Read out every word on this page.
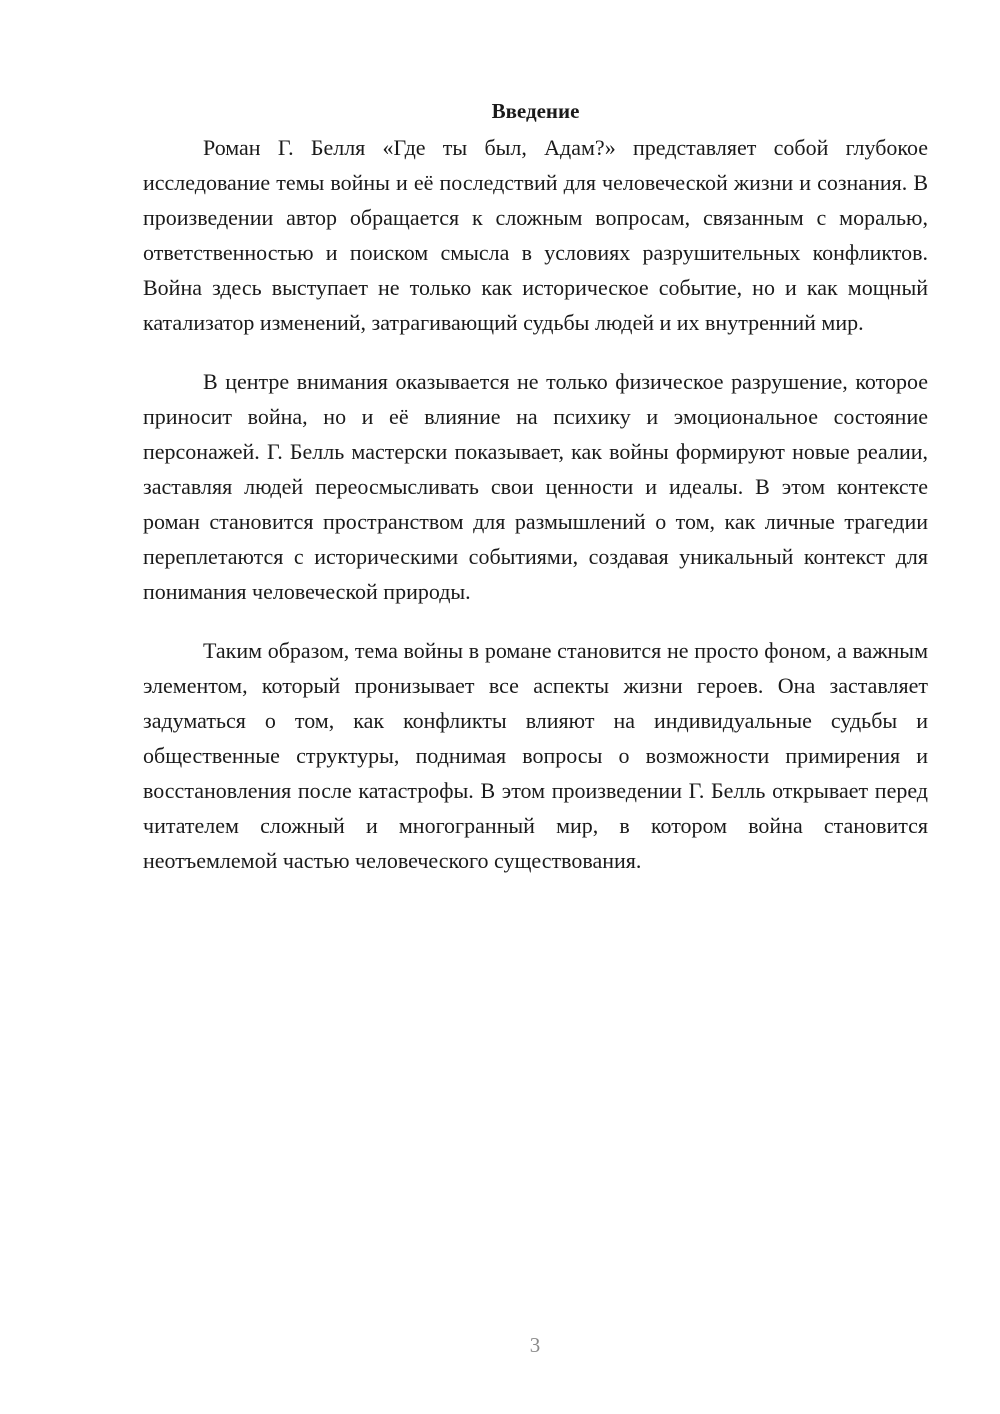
Введение

Роман Г. Белля «Где ты был, Адам?» представляет собой глубокое исследование темы войны и её последствий для человеческой жизни и сознания. В произведении автор обращается к сложным вопросам, связанным с моралью, ответственностью и поиском смысла в условиях разрушительных конфликтов. Война здесь выступает не только как историческое событие, но и как мощный катализатор изменений, затрагивающий судьбы людей и их внутренний мир.

В центре внимания оказывается не только физическое разрушение, которое приносит война, но и её влияние на психику и эмоциональное состояние персонажей. Г. Белль мастерски показывает, как войны формируют новые реалии, заставляя людей переосмысливать свои ценности и идеалы. В этом контексте роман становится пространством для размышлений о том, как личные трагедии переплетаются с историческими событиями, создавая уникальный контекст для понимания человеческой природы.

Таким образом, тема войны в романе становится не просто фоном, а важным элементом, который пронизывает все аспекты жизни героев. Она заставляет задуматься о том, как конфликты влияют на индивидуальные судьбы и общественные структуры, поднимая вопросы о возможности примирения и восстановления после катастрофы. В этом произведении Г. Белль открывает перед читателем сложный и многогранный мир, в котором война становится неотъемлемой частью человеческого существования.

3
